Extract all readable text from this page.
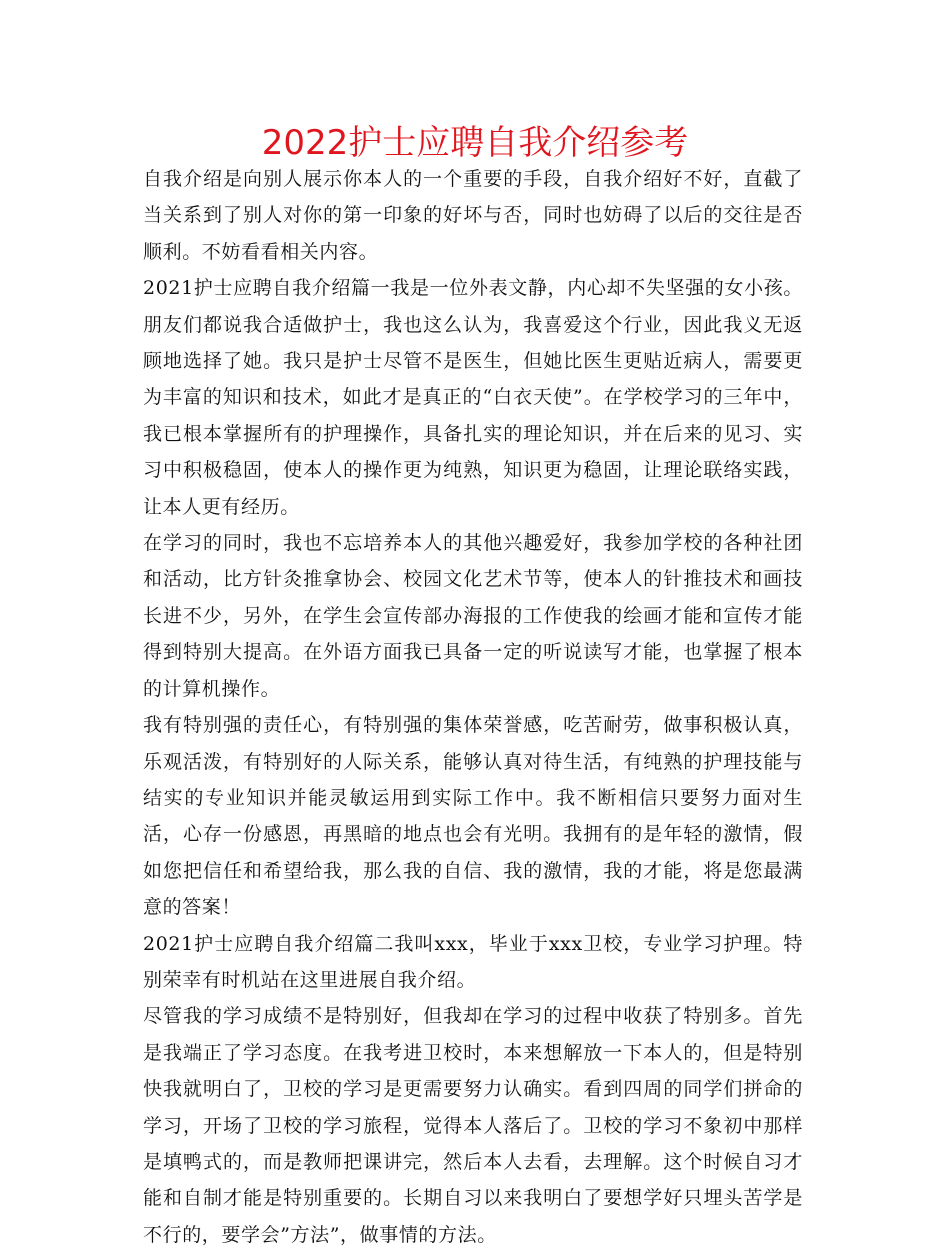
2022护士应聘自我介绍参考

自我介绍是向别人展示你本人的一个重要的手段，自我介绍好不好，直截了当关系到了别人对你的第一印象的好坏与否，同时也妨碍了以后的交往是否顺利。不妨看看相关内容。

2021护士应聘自我介绍篇一我是一位外表文静，内心却不失坚强的女小孩。朋友们都说我合适做护士，我也这么认为，我喜爱这个行业，因此我义无返顾地选择了她。我只是护士尽管不是医生，但她比医生更贴近病人，需要更为丰富的知识和技术，如此才是真正的“白衣天使”。在学校学习的三年中，我已根本掌握所有的护理操作，具备扎实的理论知识，并在后来的见习、实习中积极稳固，使本人的操作更为纯熟，知识更为稳固，让理论联络实践，让本人更有经历。

在学习的同时，我也不忘培养本人的其他兴趣爱好，我参加学校的各种社团和活动，比方针灸推拿协会、校园文化艺术节等，使本人的针推技术和画技长进不少，另外，在学生会宣传部办海报的工作使我的绘画才能和宣传才能得到特别大提高。在外语方面我已具备一定的听说读写才能，也掌握了根本的计算机操作。

我有特别强的责任心，有特别强的集体荣誉感，吃苦耐劳，做事积极认真，乐观活泼，有特别好的人际关系，能够认真对待生活，有纯熟的护理技能与结实的专业知识并能灵敏运用到实际工作中。我不断相信只要努力面对生活，心存一份感恩，再黑暗的地点也会有光明。我拥有的是年轻的激情，假如您把信任和希望给我，那么我的自信、我的激情，我的才能，将是您最满意的答案！

2021护士应聘自我介绍篇二我叫xxx，毕业于xxx卫校，专业学习护理。特别荣幸有时机站在这里进展自我介绍。

尽管我的学习成绩不是特别好，但我却在学习的过程中收获了特别多。首先是我端正了学习态度。在我考进卫校时，本来想解放一下本人的，但是特别快我就明白了，卫校的学习是更需要努力认确实。看到四周的同学们拼命的学习，开场了卫校的学习旅程，觉得本人落后了。卫校的学习不象初中那样是填鸭式的，而是教师把课讲完，然后本人去看，去理解。这个时候自习才能和自制才能是特别重要的。长期自习以来我明白了要想学好只埋头苦学是不行的，要学会”方法”，做事情的方法。
